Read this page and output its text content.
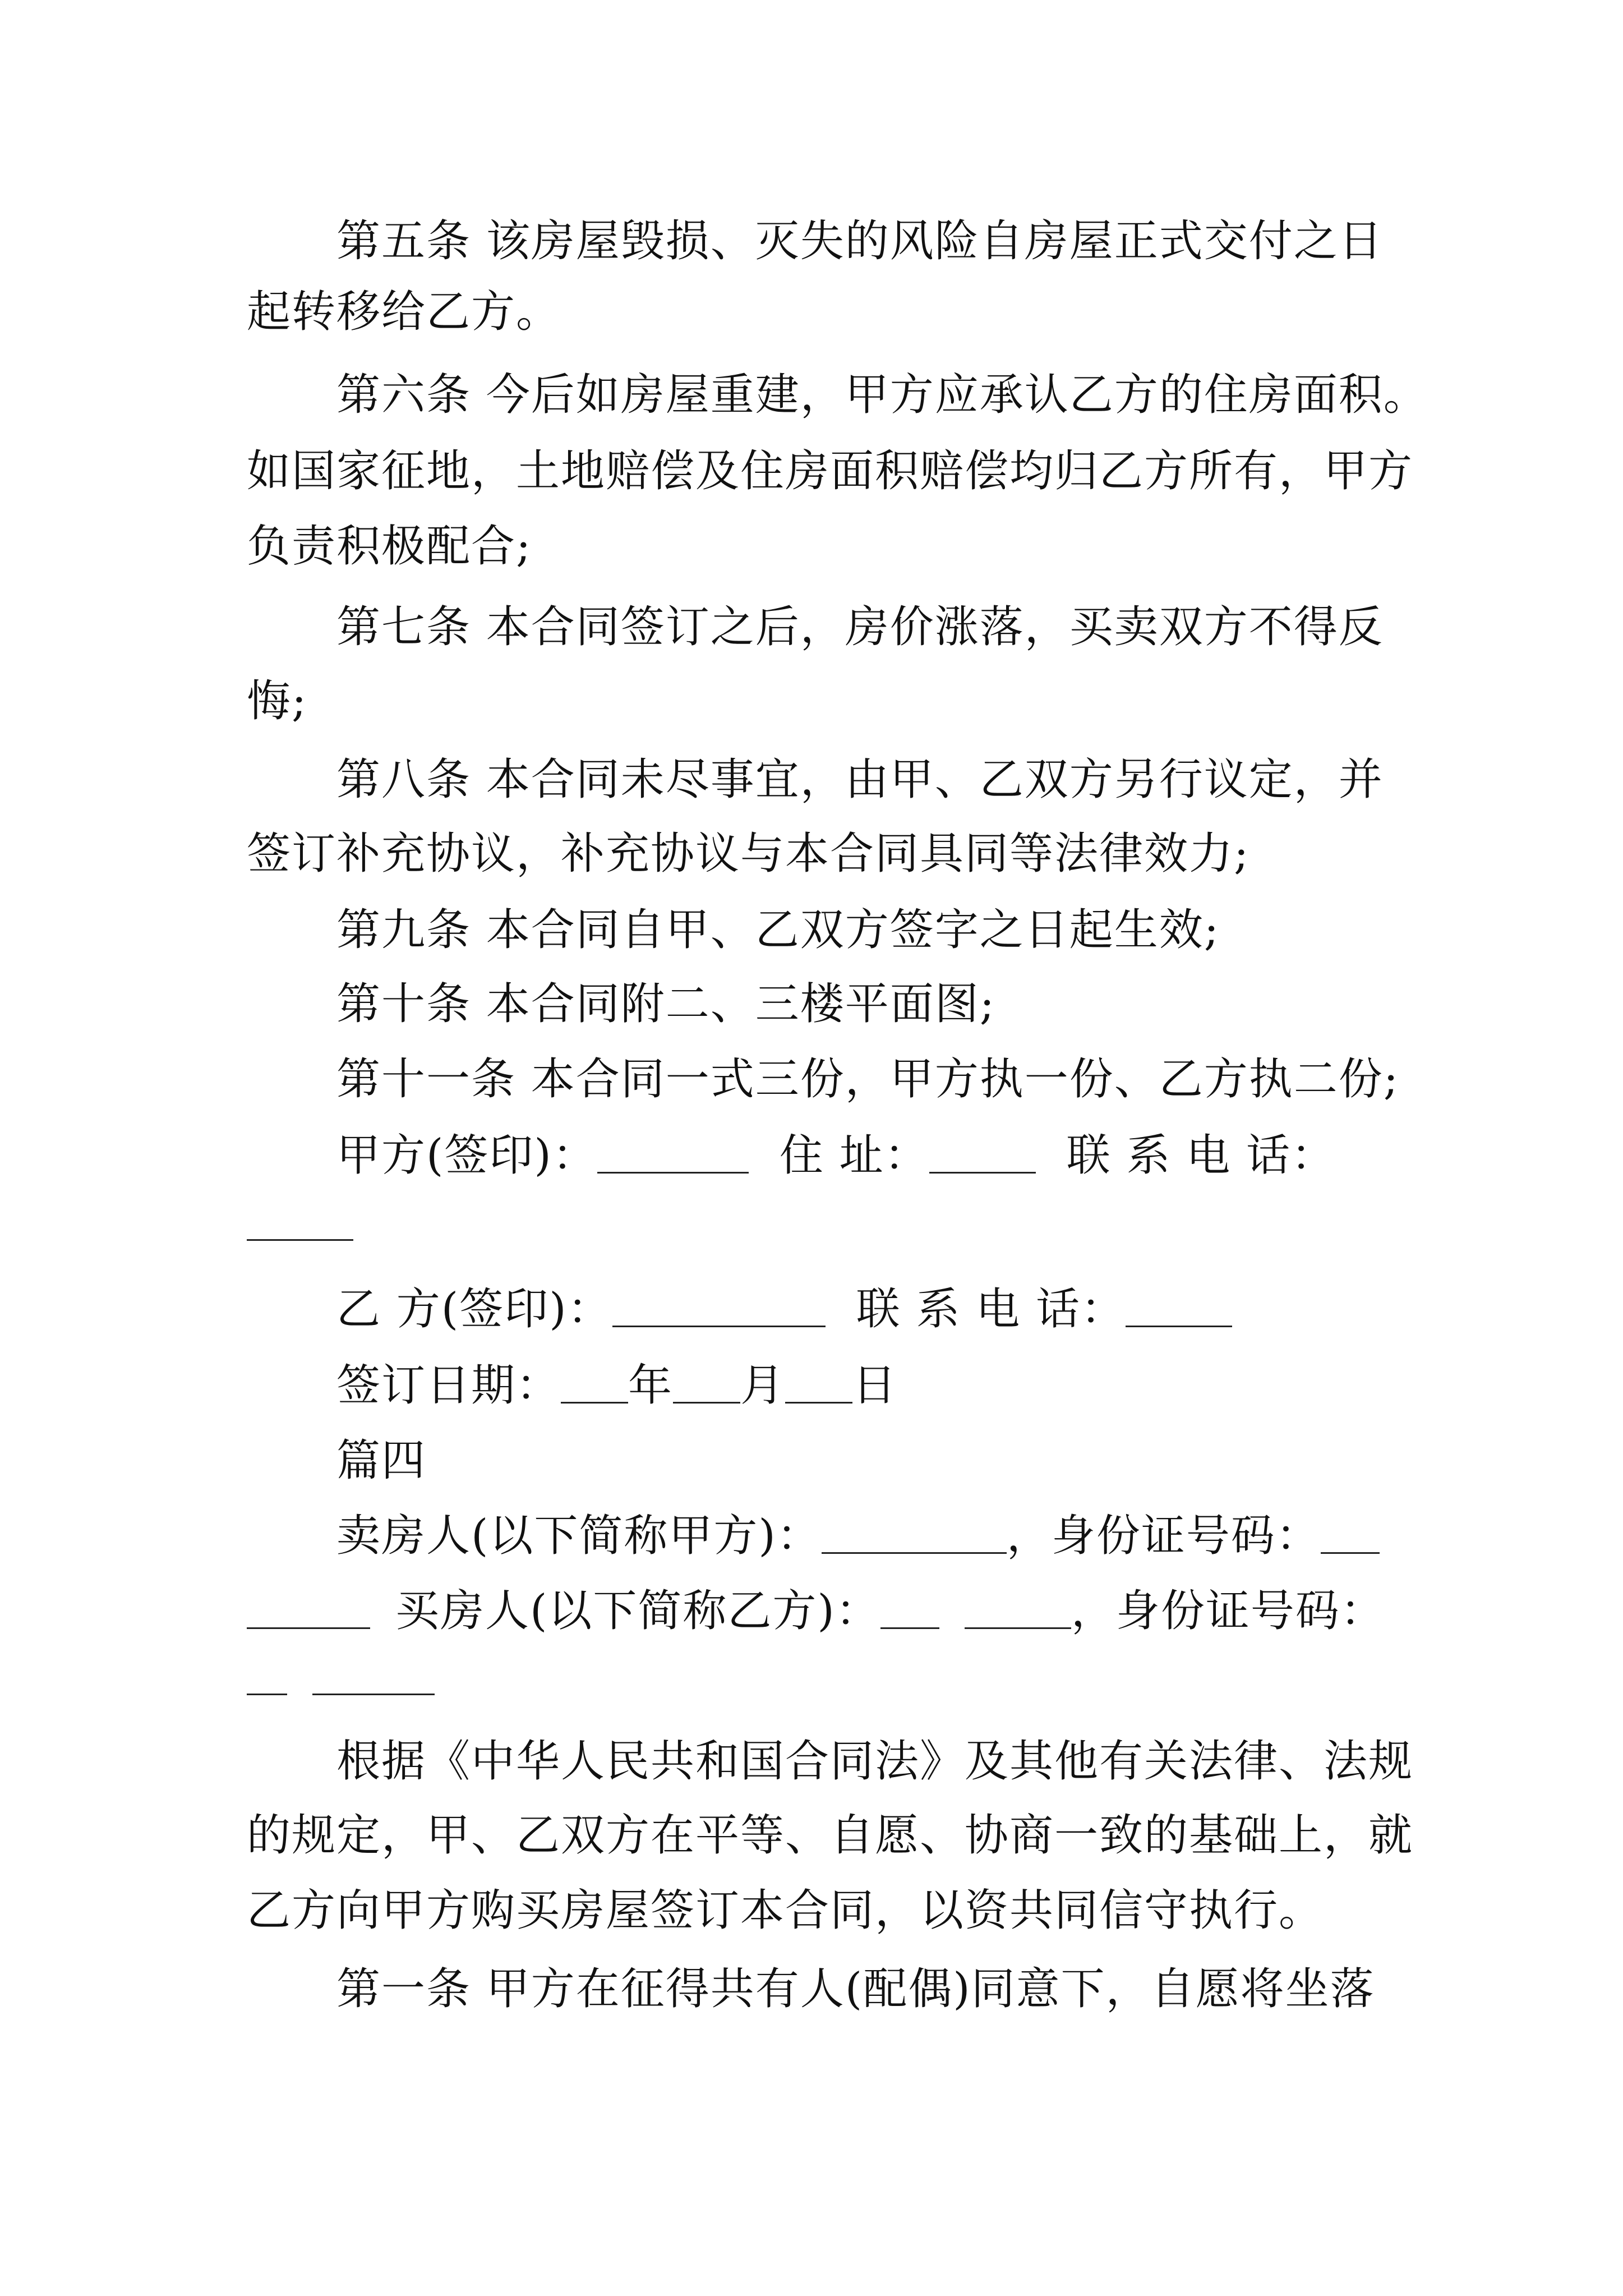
第五条 该房屋毁损、灭失的风险自房屋正式交付之日
起转移给乙方。
第六条 今后如房屋重建，甲方应承认乙方的住房面积。
如国家征地，土地赔偿及住房面积赔偿均归乙方所有，甲方
负责积极配合;
第七条 本合同签订之后，房价涨落，买卖双方不得反
悔;
第八条 本合同未尽事宜，由甲、乙双方另行议定，并
签订补充协议，补充协议与本合同具同等法律效力;
第九条 本合同自甲、乙双方签字之日起生效;
第十条 本合同附二、三楼平面图;
第十一条 本合同一式三份，甲方执一份、乙方执二份;
甲方(签印)：	住 址：	联 系 电 话：
乙 方(签印)：	联 系 电 话：
签订日期： 年 月 日
篇四
卖房人(以下简称甲方)：	，身份证号码：
买房人(以下简称乙方)：	，身份证号码：
根据《中华人民共和国合同法》及其他有关法律、法规
的规定，甲、乙双方在平等、自愿、协商一致的基础上，就
乙方向甲方购买房屋签订本合同，以资共同信守执行。
第一条 甲方在征得共有人(配偶)同意下，自愿将坐落
